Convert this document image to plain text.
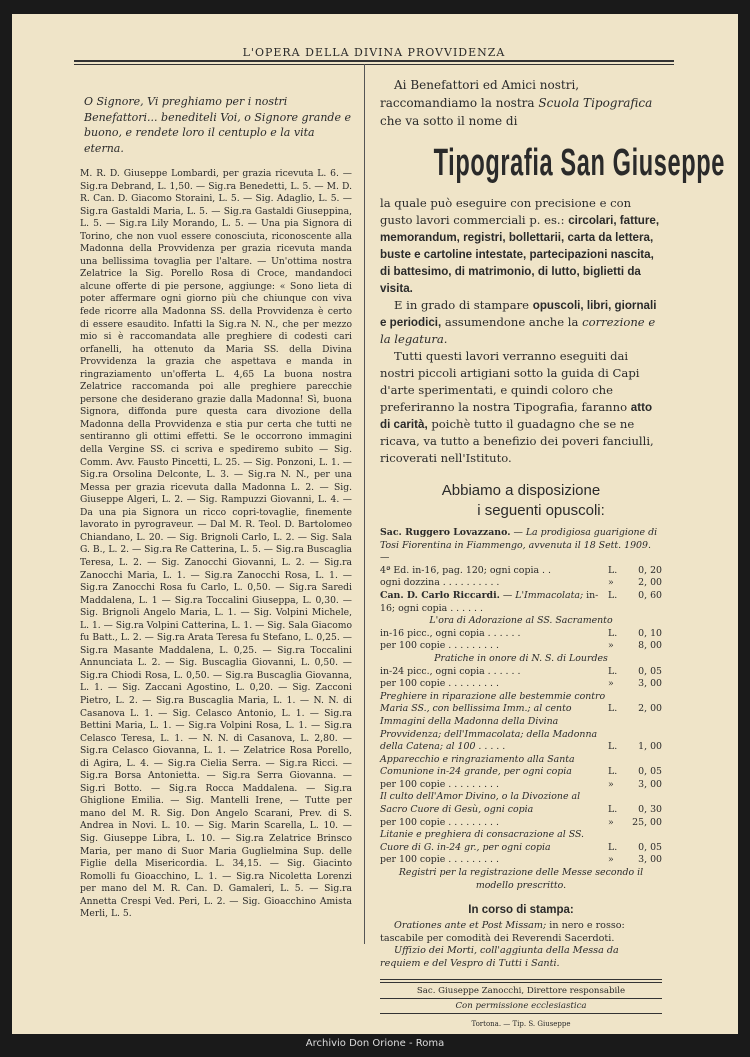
L'OPERA DELLA DIVINA PROVVIDENZA
O Signore, Vi preghiamo per i nostri Benefattori... benediteli Voi, o Signore grande e buono, e rendete loro il centuplo e la vita eterna.

M. R. D. Giuseppe Lombardi, per grazia ricevuta L. 6. — Sig.ra Debrand, L. 1,50. — Sig.ra Benedetti, L. 5. — M. D. R. Can. D. Giacomo Storaini, L. 5. — Sig. Adaglio, L. 5. — Sig.ra Gastaldi Maria, L. 5. — Sig.ra Gastaldi Giuseppina, L. 5. — Sig.ra Lily Morando, L. 5. — Una pia Signora di Torino, che non vuol essere conosciuta, riconoscente alla Madonna della Provvidenza per grazia ricevuta manda una bellissima tovaglia per l'altare. — Un'ottima nostra Zelatrice la Sig. Porello Rosa di Croce, mandandoci alcune offerte di pie persone, aggiunge: « Sono lieta di poter affermare ogni giorno più che chiunque con viva fede ricorre alla Madonna SS. della Provvidenza è certo di essere esaudito. Infatti la Sig.ra N. N., che per mezzo mio si è raccomandata alle preghiere di codesti cari orfanelli, ha ottenuto da Maria SS. della Divina Provvidenza la grazia che aspettava e manda in ringraziamento un'offerta L. 4,65 La buona nostra Zelatrice raccomanda poi alle preghiere parecchie persone che desiderano grazie dalla Madonna! Sì, buona Signora, diffonda pure questa cara divozione della Madonna della Provvidenza e stia pur certa che tutti ne sentiranno gli ottimi effetti. Se le occorrono immagini della Vergine SS. ci scriva e spediremo subito — Sig. Comm. Avv. Fausto Pincetti, L. 25. — Sig. Ponzoni, L. 1. — Sig.ra Orsolina Delconte, L. 3. — Sig.ra N. N., per una Messa per grazia ricevuta dalla Madonna L. 2. — Sig. Giuseppe Algeri, L. 2. — Sig. Rampuzzi Giovanni, L. 4. — Da una pia Signora un ricco copri-tovaglie, finemente lavorato in pyrograveur. — Dal M. R. Teol. D. Bartolomeo Chiandano, L. 20. — Sig. Brignoli Carlo, L. 2. — Sig. Sala G. B., L. 2. — Sig.ra Re Catterina, L. 5. — Sig.ra Buscaglia Teresa, L. 2. — Sig. Zanocchi Giovanni, L. 2. — Sig.ra Zanocchi Maria, L. 1. — Sig.ra Zanocchi Rosa, L. 1. — Sig.ra Zanocchi Rosa fu Carlo, L. 0,50. — Sig.ra Saredi Maddalena, L. 1 — Sig.ra Toccalini Giuseppa, L. 0,30. — Sig. Brignoli Angelo Maria, L. 1. — Sig. Volpini Michele, L. 1. — Sig.ra Volpini Catterina, L. 1. — Sig. Sala Giacomo fu Batt., L. 2. — Sig.ra Arata Teresa fu Stefano, L. 0,25. — Sig.ra Masante Maddalena, L. 0,25. — Sig.ra Toccalini Annunciata L. 2. — Sig. Buscaglia Giovanni, L. 0,50. — Sig.ra Chiodi Rosa, L. 0,50. — Sig.ra Buscaglia Giovanna, L. 1. — Sig. Zaccani Agostino, L. 0,20. — Sig. Zacconi Pietro, L. 2. — Sig.ra Buscaglia Maria, L. 1. — N. N. di Casanova L. 1. — Sig. Celasco Antonio, L. 1. — Sig.ra Bettini Maria, L. 1. — Sig.ra Volpini Rosa, L. 1. — Sig.ra Celasco Teresa, L. 1. — N. N. di Casanova, L. 2,80. — Sig.ra Celasco Giovanna, L. 1. — Zelatrice Rosa Porello, di Agira, L. 4. — Sig.ra Cielia Serra. — Sig.ra Ricci. — Sig.ra Borsa Antonietta. — Sig.ra Serra Giovanna. — Sig.ri Botto. — Sig.ra Rocca Maddalena. — Sig.ra Ghiglione Emilia. — Sig. Mantelli Irene, — Tutte per mano del M. R. Sig. Don Angelo Scarani, Prev. di S. Andrea in Novi. L. 10. — Sig. Marin Scarella, L. 10. — Sig. Giuseppe Libra, L. 10. — Sig.ra Zelatrice Brinsco Maria, per mano di Suor Maria Guglielmina Sup. delle Figlie della Misericordia. L. 34,15. — Sig. Giacinto Romolli fu Gioacchino, L. 1. — Sig.ra Nicoletta Lorenzi per mano del M. R. Can. D. Gamaleri, L. 5. — Sig.ra Annetta Crespi Ved. Peri, L. 2. — Sig. Gioacchino Amista Merli, L. 5.

Ai Benefattori ed Amici nostri, raccomandiamo la nostra Scuola Tipografica che va sotto il nome di

Tipografia San Giuseppe

la quale può eseguire con precisione e con gusto lavori commerciali p. es.: circolari, fatture, memorandum, registri, bollettarii, carta da lettera, buste e cartoline intestate, partecipazioni nascita, di battesimo, di matrimonio, di lutto, biglietti da visita.

E in grado di stampare opuscoli, libri, giornali e periodici, assumendone anche la correzione e la legatura.

Tutti questi lavori verranno eseguiti dai nostri piccoli artigiani sotto la guida di Capi d'arte sperimentati, e quindi coloro che preferiranno la nostra Tipografia, faranno atto di carità, poichè tutto il guadagno che se ne ricava, va tutto a benefizio dei poveri fanciulli, ricoverati nell'Istituto.

Abbiamo a disposizione
i seguenti opuscoli:
Sac. Ruggero Lovazzano. — La prodigiosa guarigione di Tosi Fiorentina in Fiammengo, avvenuta il 18 Sett. 1909. —
4ª Ed. in-16, pag. 120; ogni copia . .	L. 0, 20
ogni dozzina . . . . . . . . . .	»	2, 00
Can. D. Carlo Riccardi. — L'Immacolata; in-16; ogni copia . . . . . .
L. 0, 60
L'ora di Adorazione al SS. Sacramento
in-16 picc., ogni copia . . . . . .	L. 0, 10
per 100 copie . . . . . . . . .	»	8, 00
Pratiche in onore di N. S. di Lourdes
in-24 picc., ogni copia . . . . . .	L. 0, 05
per 100 copie . . . . . . . . .	»	3, 00
Preghiere in riparazione alle bestemmie contro Maria SS., con bellissima Imm.; al cento	L. 2, 00
Immagini della Madonna della Divina Provvidenza; dell'Immacolata; della Madonna della Catena; al 100 . . . . .	L. 1, 00
Apparecchio e ringraziamento alla Santa Comunione in-24 grande, per ogni copia	L. 0, 05
per 100 copie . . . . . . . . .	»	3, 00
Il culto dell'Amor Divino, o la Divozione al Sacro Cuore di Gesù, ogni copia	L. 0, 30
per 100 copie . . . . . . . . .	» 25, 00
Litanie e preghiera di consacrazione al SS. Cuore di G. in-24 gr., per ogni copia	L. 0, 05
per 100 copie . . . . . . . . .	»	3, 00
Registri per la registrazione delle Messe secondo il modello prescritto.
In corso di stampa:
Orationes ante et Post Missam; in nero e rosso: tascabile per comodità dei Reverendi Sacerdoti.
Uffizio dei Morti, coll'aggiunta della Messa da requiem e del Vespro di Tutti i Santi.
Sac. Giuseppe Zanocchi, Direttore responsabile
Con permissione ecclesiastica
Tortona. — Tip. S. Giuseppe
Archivio Don Orione - Roma
